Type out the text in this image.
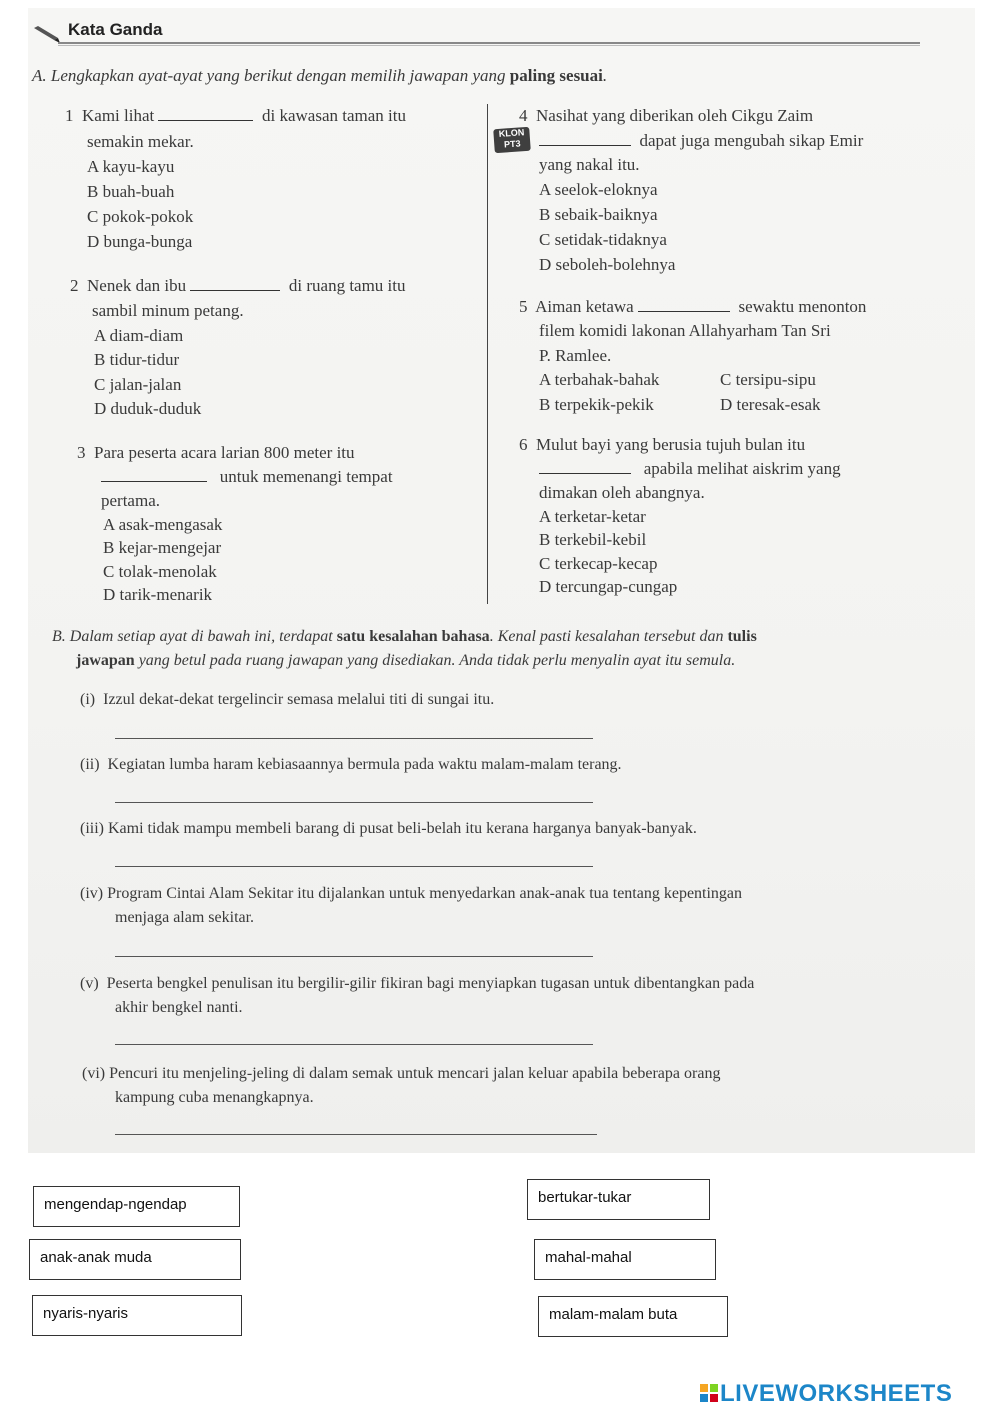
Kata Ganda
A. Lengkapkan ayat-ayat yang berikut dengan memilih jawapan yang paling sesuai.
KLON PT3
1 Kami lihat	di kawasan taman itu
semakin mekar.
A kayu-kayu
B buah-buah
C pokok-pokok
D bunga-bunga
2 Nenek dan ibu	di ruang tamu itu
sambil minum petang.
A diam-diam
B tidur-tidur
C jalan-jalan
D duduk-duduk
3 Para peserta acara larian 800 meter itu
untuk memenangi tempat
pertama.
A asak-mengasak
B kejar-mengejar
C tolak-menolak
D tarik-menarik
4 Nasihat yang diberikan oleh Cikgu Zaim
dapat juga mengubah sikap Emir
yang nakal itu.
A seelok-eloknya
B sebaik-baiknya
C setidak-tidaknya
D seboleh-bolehnya
5 Aiman ketawa	sewaktu menonton
filem komidi lakonan Allahyarham Tan Sri
P. Ramlee.
A terbahak-bahak	C tersipu-sipu
B terpekik-pekik	D teresak-esak
6 Mulut bayi yang berusia tujuh bulan itu
apabila melihat aiskrim yang
dimakan oleh abangnya.
A terketar-ketar
B terkebil-kebil
C terkecap-kecap
D tercungap-cungap
B. Dalam setiap ayat di bawah ini, terdapat satu kesalahan bahasa. Kenal pasti kesalahan tersebut dan tulis
jawapan yang betul pada ruang jawapan yang disediakan. Anda tidak perlu menyalin ayat itu semula.
(i) Izzul dekat-dekat tergelincir semasa melalui titi di sungai itu.
(ii) Kegiatan lumba haram kebiasaannya bermula pada waktu malam-malam terang.
(iii) Kami tidak mampu membeli barang di pusat beli-belah itu kerana harganya banyak-banyak.
(iv) Program Cintai Alam Sekitar itu dijalankan untuk menyedarkan anak-anak tua tentang kepentingan
menjaga alam sekitar.
(v) Peserta bengkel penulisan itu bergilir-gilir fikiran bagi menyiapkan tugasan untuk dibentangkan pada
akhir bengkel nanti.
(vi) Pencuri itu menjeling-jeling di dalam semak untuk mencari jalan keluar apabila beberapa orang
kampung cuba menangkapnya.
mengendap-ngendap	bertukar-tukar
anak-anak muda	mahal-mahal
nyaris-nyaris	malam-malam buta
LIVEWORKSHEETS
